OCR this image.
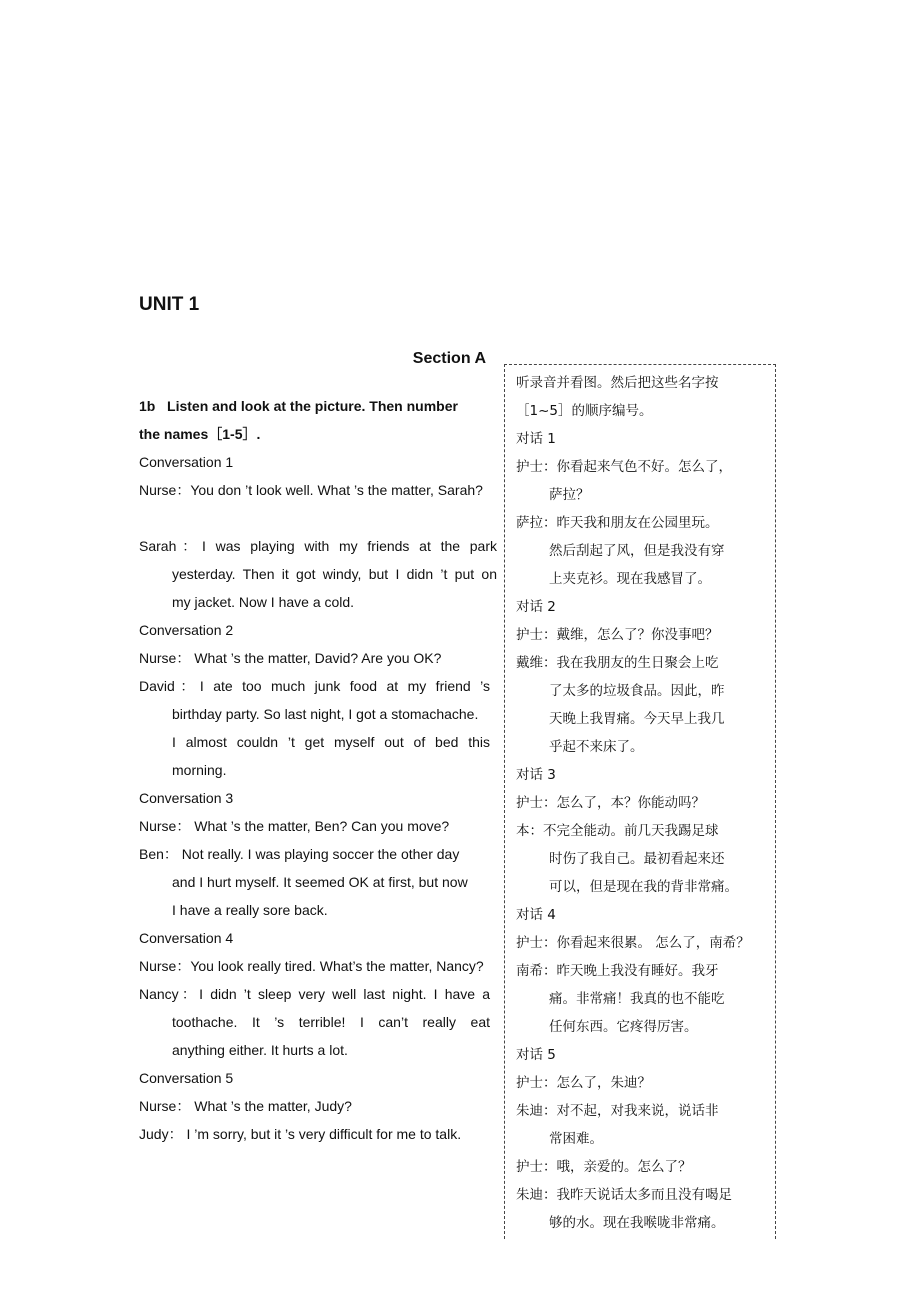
UNIT 1
Section A
1b Listen and look at the picture. Then number
the names［1-5］.
Conversation 1
Nurse：You don ’t look well. What ’s the matter, Sarah?
Sarah：I was playing with my friends at the park
yesterday. Then it got windy, but I didn ’t put on
my jacket. Now I have a cold.
Conversation 2
Nurse： What ’s the matter, David? Are you OK?
David：I ate too much junk food at my friend ’s
birthday party. So last night, I got a stomachache.
I almost couldn ’t get myself out of bed this
morning.
Conversation 3
Nurse： What ’s the matter, Ben? Can you move?
Ben： Not really. I was playing soccer the other day
and I hurt myself. It seemed OK at first, but now
I have a really sore back.
Conversation 4
Nurse：You look really tired. What’s the matter, Nancy?
Nancy：I didn ’t sleep very well last night. I have a
toothache. It ’s terrible! I can’t really eat
anything either. It hurts a lot.
Conversation 5
Nurse： What ’s the matter, Judy?
Judy： I ’m sorry, but it ’s very difficult for me to talk.
听录音并看图。然后把这些名字按
［1~5］的顺序编号。
对话 1
护士：你看起来气色不好。怎么了，
萨拉？
萨拉：昨天我和朋友在公园里玩。
然后刮起了风，但是我没有穿
上夹克衫。现在我感冒了。
对话 2
护士：戴维，怎么了？你没事吧？
戴维：我在我朋友的生日聚会上吃
了太多的垃圾食品。因此，昨
天晚上我胃痛。今天早上我几
乎起不来床了。
对话 3
护士：怎么了，本？你能动吗？
本：不完全能动。前几天我踢足球
时伤了我自己。最初看起来还
可以，但是现在我的背非常痛。
对话 4
护士：你看起来很累。 怎么了，南希？
南希：昨天晚上我没有睡好。我牙
痛。非常痛！我真的也不能吃
任何东西。它疼得厉害。
对话 5
护士：怎么了，朱迪？
朱迪：对不起，对我来说，说话非
常困难。
护士：哦，亲爱的。怎么了？
朱迪：我昨天说话太多而且没有喝足
够的水。现在我喉咙非常痛。
